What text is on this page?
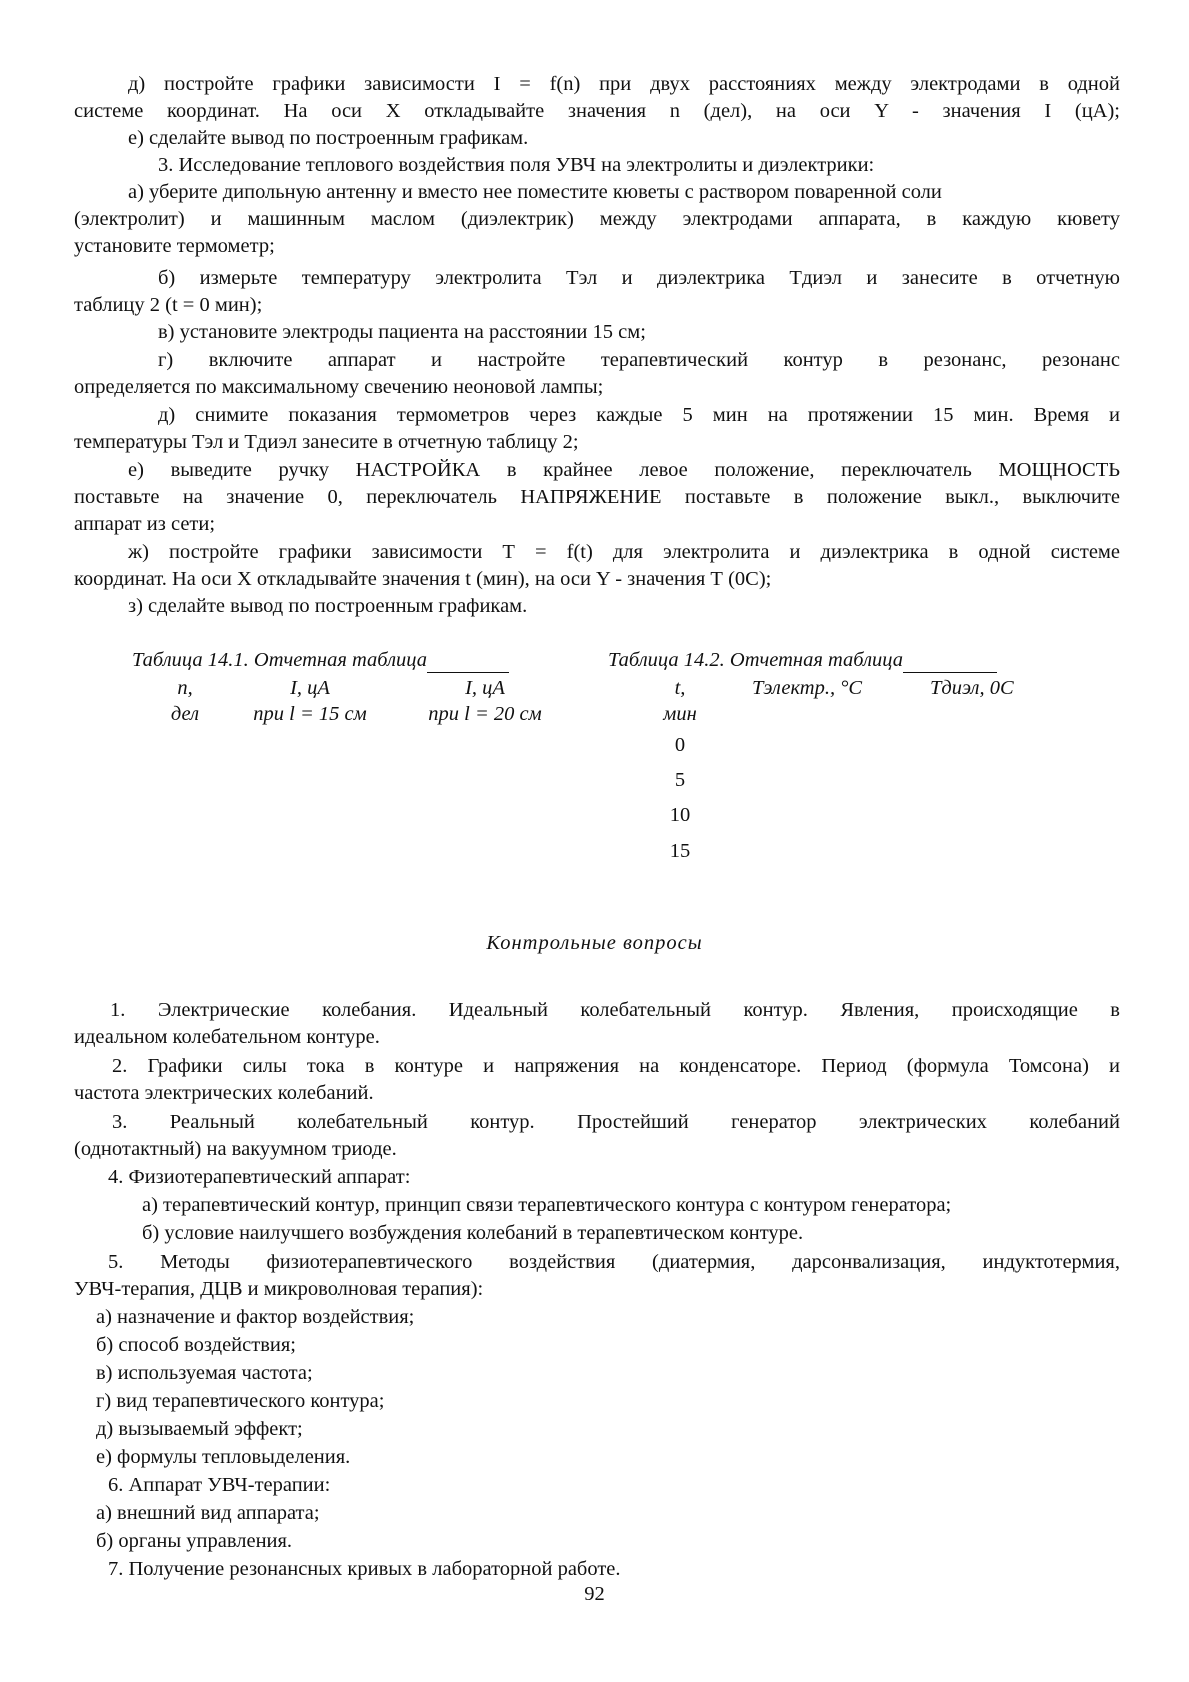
д) постройте графики зависимости I = f(n) при двух расстояниях между электродами в одной
системе координат. На оси X откладывайте значения n (дел), на оси Y - значения I (цА);
е) сделайте вывод по построенным графикам.
3. Исследование теплового воздействия поля УВЧ на электролиты и диэлектрики:
а) уберите дипольную антенну и вместо нее поместите кюветы с раствором поваренной соли
(электролит) и машинным маслом (диэлектрик) между электродами аппарата, в каждую кювету
установите термометр;
б) измерьте температуру электролита Тэл и диэлектрика Тдиэл и занесите в отчетную
таблицу 2 (t = 0 мин);
в) установите электроды пациента на расстоянии 15 см;
г) включите аппарат и настройте терапевтический контур в резонанс, резонанс
определяется по максимальному свечению неоновой лампы;
д) снимите показания термометров через каждые 5 мин на протяжении 15 мин. Время и
температуры Тэл и Тдиэл занесите в отчетную таблицу 2;
е) выведите ручку НАСТРОЙКА в крайнее левое положение, переключатель МОЩНОСТЬ
поставьте на значение 0, переключатель НАПРЯЖЕНИЕ поставьте в положение выкл., выключите
аппарат из сети;
ж) постройте графики зависимости Т = f(t) для электролита и диэлектрика в одной системе
координат. На оси X откладывайте значения t (мин), на оси Y - значения Т (0С);
з) сделайте вывод по построенным графикам.
Таблица 14.1. Отчетная таблица
n,
дел
I, цА
при l = 15 см
I, цА
при l = 20 см
Таблица 14.2. Отчетная таблица
t,
мин
Тэлектр., °С	Тдиэл, 0С
0
5
10
15
Контрольные вопросы
1. Электрические колебания. Идеальный колебательный контур. Явления, происходящие в
идеальном колебательном контуре.
2. Графики силы тока в контуре и напряжения на конденсаторе. Период (формула Томсона) и
частота электрических колебаний.
3. Реальный колебательный контур. Простейший генератор электрических колебаний
(однотактный) на вакуумном триоде.
4. Физиотерапевтический аппарат:
а) терапевтический контур, принцип связи терапевтического контура с контуром генератора;
б) условие наилучшего возбуждения колебаний в терапевтическом контуре.
5. Методы физиотерапевтического воздействия (диатермия, дарсонвализация, индуктотермия,
УВЧ-терапия, ДЦВ и микроволновая терапия):
а) назначение и фактор воздействия;
б) способ воздействия;
в) используемая частота;
г) вид терапевтического контура;
д) вызываемый эффект;
е) формулы тепловыделения.
6. Аппарат УВЧ-терапии:
а) внешний вид аппарата;
б) органы управления.
7. Получение резонансных кривых в лабораторной работе.
92
